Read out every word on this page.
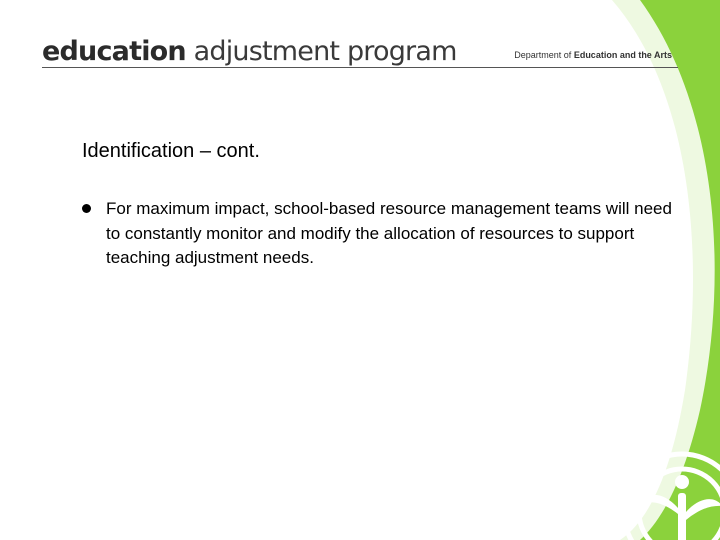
education adjustment program	Department of Education and the Arts
Identification – cont.
For maximum impact, school-based resource management teams will need to constantly monitor and modify the allocation of resources to support teaching adjustment needs.
